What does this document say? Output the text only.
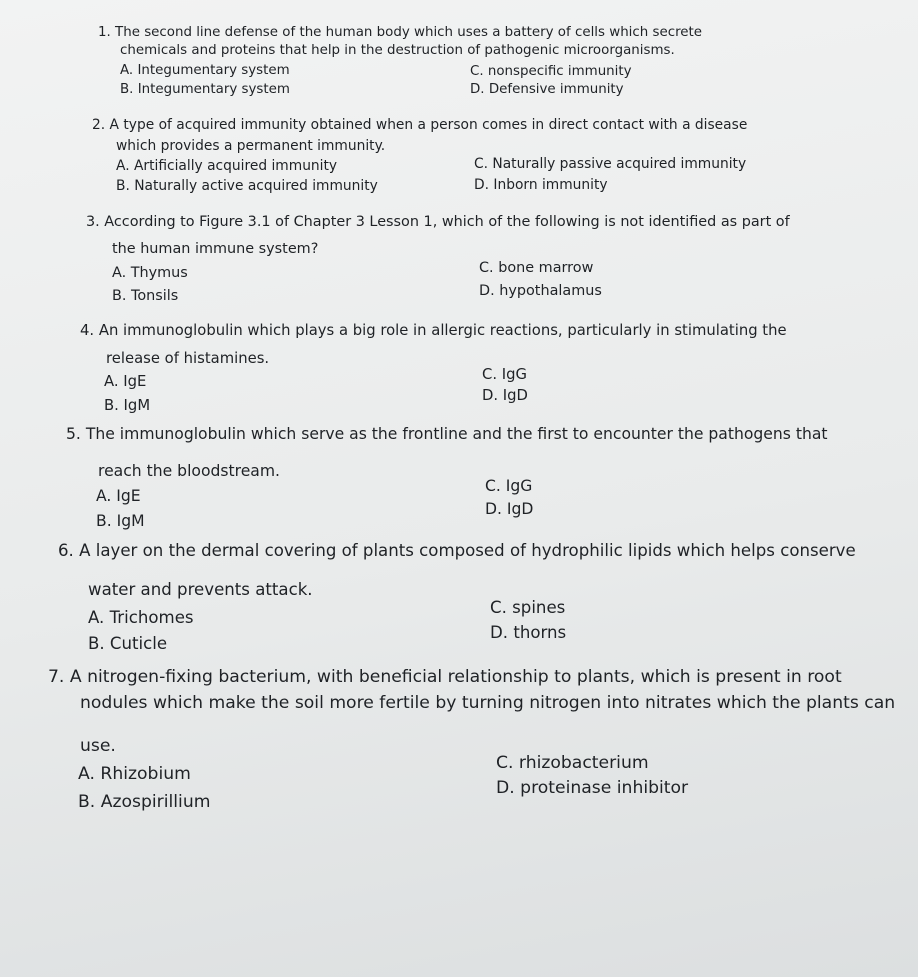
1. The second line defense of the human body which uses a battery of cells which secrete
chemicals and proteins that help in the destruction of pathogenic microorganisms.
A. Integumentary system
B. Integumentary system
C. nonspecific immunity
D. Defensive immunity
2. A type of acquired immunity obtained when a person comes in direct contact with a disease
which provides a permanent immunity.
A. Artificially acquired immunity
B. Naturally active acquired immunity
C. Naturally passive acquired immunity
D. Inborn immunity
3. According to Figure 3.1 of Chapter 3 Lesson 1, which of the following is not identified as part of
the human immune system?
A. Thymus
B. Tonsils
C. bone marrow
D. hypothalamus
4. An immunoglobulin which plays a big role in allergic reactions, particularly in stimulating the
release of histamines.
A. IgE
B. IgM
C. IgG
D. IgD
5. The immunoglobulin which serve as the frontline and the first to encounter the pathogens that
reach the bloodstream.
A. IgE
B. IgM
C. IgG
D. IgD
6. A layer on the dermal covering of plants composed of hydrophilic lipids which helps conserve
water and prevents attack.
A. Trichomes
B. Cuticle
C. spines
D. thorns
7. A nitrogen-fixing bacterium, with beneficial relationship to plants, which is present in root
nodules which make the soil more fertile by turning nitrogen into nitrates which the plants can
use.
A. Rhizobium
B. Azospirillium
C. rhizobacterium
D. proteinase inhibitor
